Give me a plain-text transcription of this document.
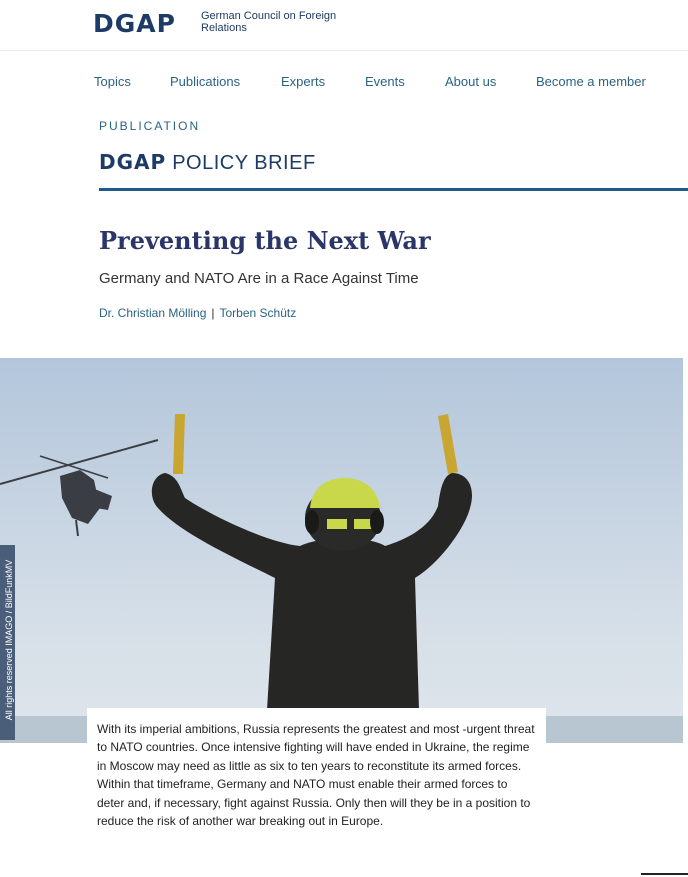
DGAP German Council on Foreign Relations
Topics	Publications	Experts	Events	About us	Become a member
PUBLICATION
DGAP POLICY BRIEF
Preventing the Next War
Germany and NATO Are in a Race Against Time
Dr. Christian Mölling | Torben Schütz
All rights reserved IMAGO / BildFunkMV
With its imperial ambitions, Russia represents the greatest and most -urgent threat to NATO countries. Once intensive fighting will have ended in Ukraine, the regime in Moscow may need as little as six to ten years to reconstitute its armed forces. Within that timeframe, Germany and NATO must enable their armed forces to deter and, if necessary, fight against Russia. Only then will they be in a position to reduce the risk of another war breaking out in Europe.
